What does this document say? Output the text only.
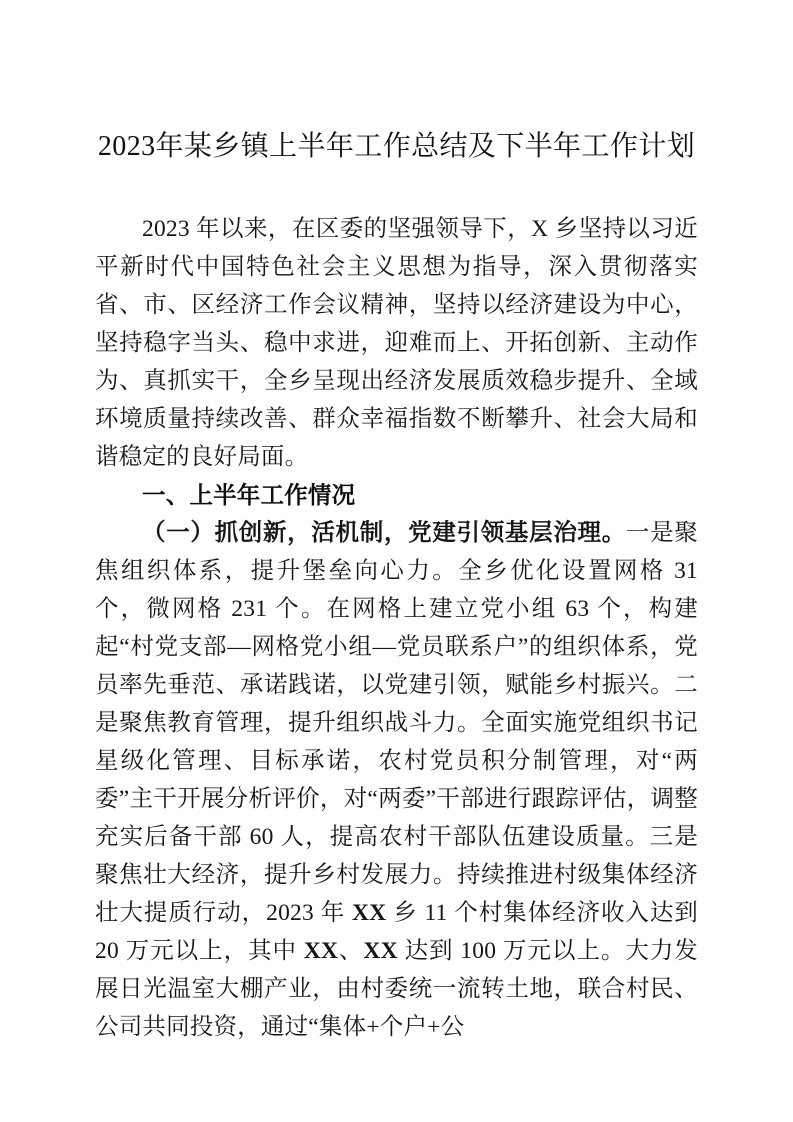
2023年某乡镇上半年工作总结及下半年工作计划

2023 年以来，在区委的坚强领导下，X 乡坚持以习近平新时代中国特色社会主义思想为指导，深入贯彻落实省、市、区经济工作会议精神，坚持以经济建设为中心，坚持稳字当头、稳中求进，迎难而上、开拓创新、主动作为、真抓实干，全乡呈现出经济发展质效稳步提升、全域环境质量持续改善、群众幸福指数不断攀升、社会大局和谐稳定的良好局面。

一、上半年工作情况

（一）抓创新，活机制，党建引领基层治理。一是聚焦组织体系，提升堡垒向心力。全乡优化设置网格 31 个，微网格 231 个。在网格上建立党小组 63 个，构建起“村党支部—网格党小组—党员联系户”的组织体系，党员率先垂范、承诺践诺，以党建引领，赋能乡村振兴。二是聚焦教育管理，提升组织战斗力。全面实施党组织书记星级化管理、目标承诺，农村党员积分制管理，对“两委”主干开展分析评价，对“两委”干部进行跟踪评估，调整充实后备干部 60 人，提高农村干部队伍建设质量。三是聚焦壮大经济，提升乡村发展力。持续推进村级集体经济壮大提质行动，2023 年 XX 乡 11 个村集体经济收入达到 20 万元以上，其中 XX、XX 达到 100 万元以上。大力发展日光温室大棚产业，由村委统一流转土地，联合村民、公司共同投资，通过“集体+个户+公
